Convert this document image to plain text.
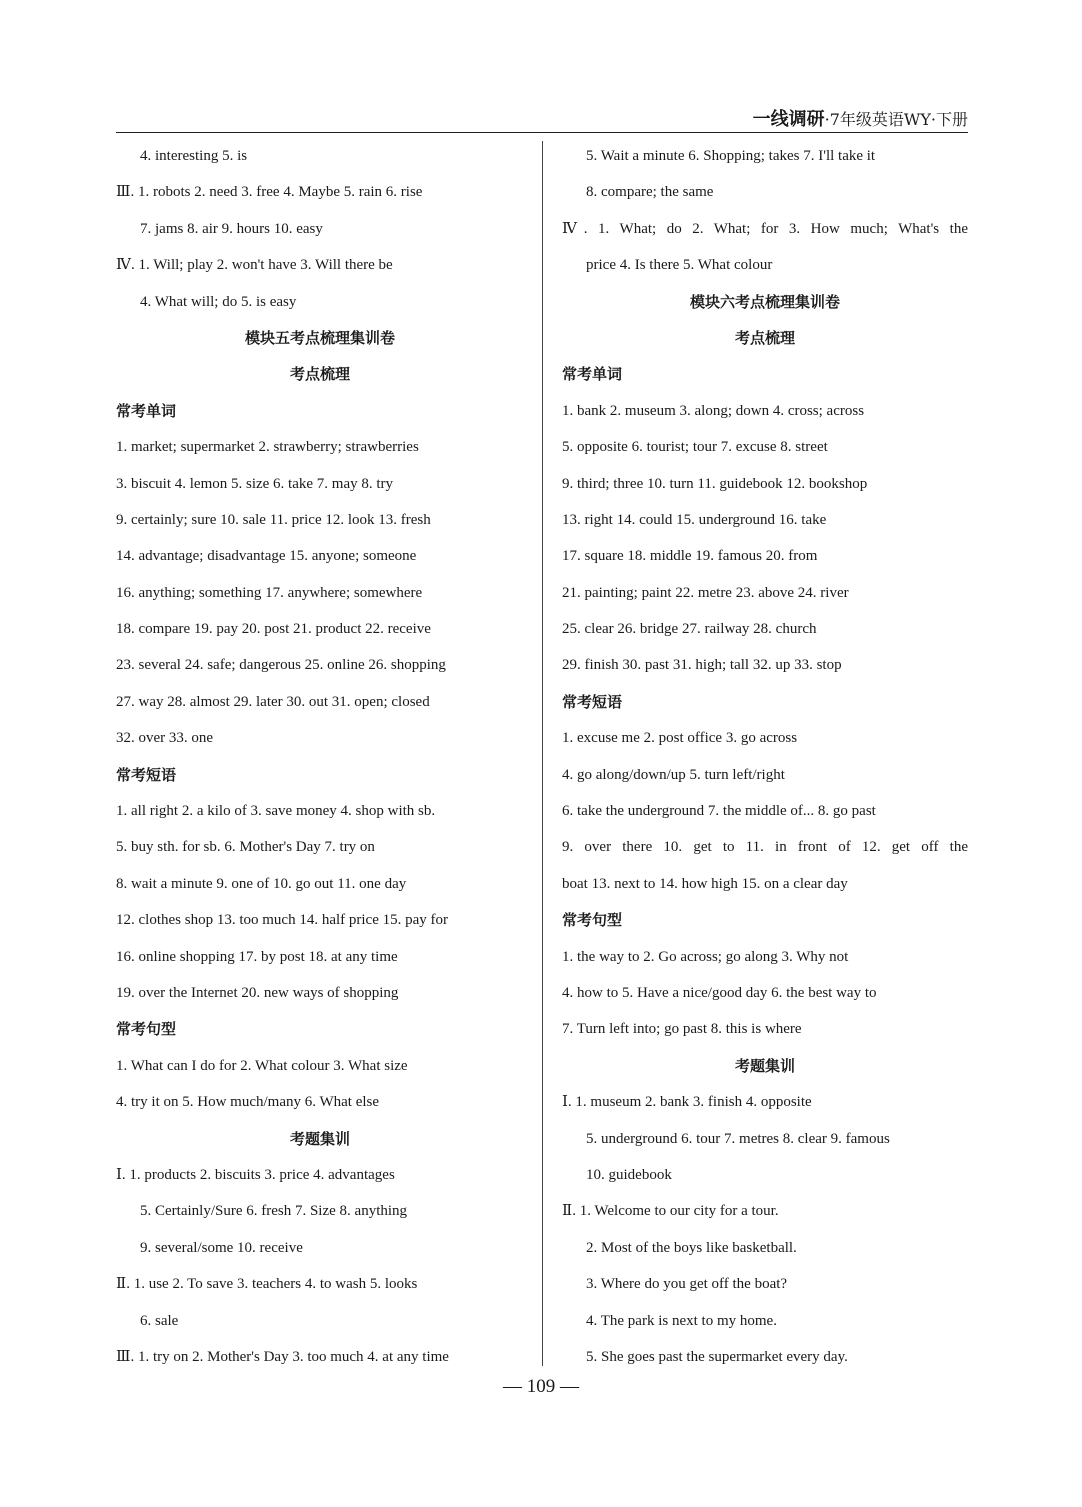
一线调研·7年级英语WY·下册
4. interesting 5. is
Ⅲ. 1. robots 2. need 3. free 4. Maybe 5. rain 6. rise
7. jams 8. air 9. hours 10. easy
Ⅳ. 1. Will; play 2. won't have 3. Will there be
4. What will; do 5. is easy
模块五考点梳理集训卷
考点梳理
常考单词
1. market; supermarket 2. strawberry; strawberries
3. biscuit 4. lemon 5. size 6. take 7. may 8. try
9. certainly; sure 10. sale 11. price 12. look 13. fresh
14. advantage; disadvantage 15. anyone; someone
16. anything; something 17. anywhere; somewhere
18. compare 19. pay 20. post 21. product 22. receive
23. several 24. safe; dangerous 25. online 26. shopping
27. way 28. almost 29. later 30. out 31. open; closed
32. over 33. one
常考短语
1. all right 2. a kilo of 3. save money 4. shop with sb.
5. buy sth. for sb. 6. Mother's Day 7. try on
8. wait a minute 9. one of 10. go out 11. one day
12. clothes shop 13. too much 14. half price 15. pay for
16. online shopping 17. by post 18. at any time
19. over the Internet 20. new ways of shopping
常考句型
1. What can I do for 2. What colour 3. What size
4. try it on 5. How much/many 6. What else
考题集训
Ⅰ. 1. products 2. biscuits 3. price 4. advantages
5. Certainly/Sure 6. fresh 7. Size 8. anything
9. several/some 10. receive
Ⅱ. 1. use 2. To save 3. teachers 4. to wash 5. looks
6. sale
Ⅲ. 1. try on 2. Mother's Day 3. too much 4. at any time
5. Wait a minute 6. Shopping; takes 7. I'll take it
8. compare; the same
Ⅳ. 1. What; do 2. What; for 3. How much; What's the
price 4. Is there 5. What colour
模块六考点梳理集训卷
考点梳理
常考单词
1. bank 2. museum 3. along; down 4. cross; across
5. opposite 6. tourist; tour 7. excuse 8. street
9. third; three 10. turn 11. guidebook 12. bookshop
13. right 14. could 15. underground 16. take
17. square 18. middle 19. famous 20. from
21. painting; paint 22. metre 23. above 24. river
25. clear 26. bridge 27. railway 28. church
29. finish 30. past 31. high; tall 32. up 33. stop
常考短语
1. excuse me 2. post office 3. go across
4. go along/down/up 5. turn left/right
6. take the underground 7. the middle of... 8. go past
9. over there 10. get to 11. in front of 12. get off the
boat 13. next to 14. how high 15. on a clear day
常考句型
1. the way to 2. Go across; go along 3. Why not
4. how to 5. Have a nice/good day 6. the best way to
7. Turn left into; go past 8. this is where
考题集训
Ⅰ. 1. museum 2. bank 3. finish 4. opposite
5. underground 6. tour 7. metres 8. clear 9. famous
10. guidebook
Ⅱ. 1. Welcome to our city for a tour.
2. Most of the boys like basketball.
3. Where do you get off the boat?
4. The park is next to my home.
5. She goes past the supermarket every day.
— 109 —
